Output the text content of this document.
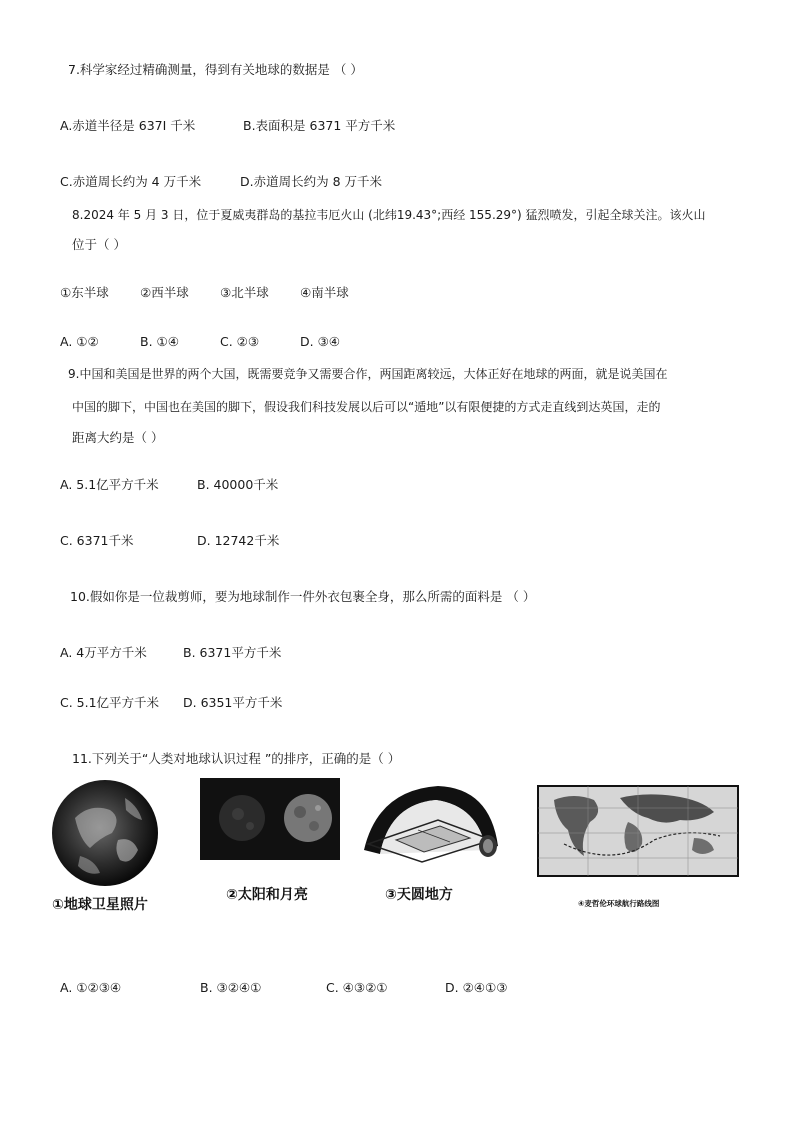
7.科学家经过精确测量，得到有关地球的数据是 （ ）
A.赤道半径是 637I 千米	B.表面积是 6371 平方千米
C.赤道周长约为 4 万千米	D.赤道周长约为 8 万千米
8.2024 年 5 月 3 日，位于夏威夷群岛的基拉韦厄火山 (北纬19.43°;西经 155.29°) 猛烈喷发，引起全球关注。该火山
位于（ ）
①东半球	②西半球	③北半球	④南半球
A. ①②	B. ①④	C. ②③	D. ③④
9.中国和美国是世界的两个大国，既需要竞争又需要合作，两国距离较远，大体正好在地球的两面，就是说美国在
中国的脚下，中国也在美国的脚下，假设我们科技发展以后可以“遁地”以有限便捷的方式走直线到达英国，走的
距离大约是（ ）
A. 5.1亿平方千米	B. 40000千米
C. 6371千米	D. 12742千米
10.假如你是一位裁剪师，要为地球制作一件外衣包裹全身，那么所需的面料是 （ ）
A. 4万平方千米	B. 6371平方千米
C. 5.1亿平方千米 D. 6351平方千米
11.下列关于“人类对地球认识过程 ”的排序，正确的是（ ）
①地球卫星照片
②太阳和月亮	③天圆地方
④麦哲伦环球航行路线图
A. ①②③④	B. ③②④①	C. ④③②①	D. ②④①③
